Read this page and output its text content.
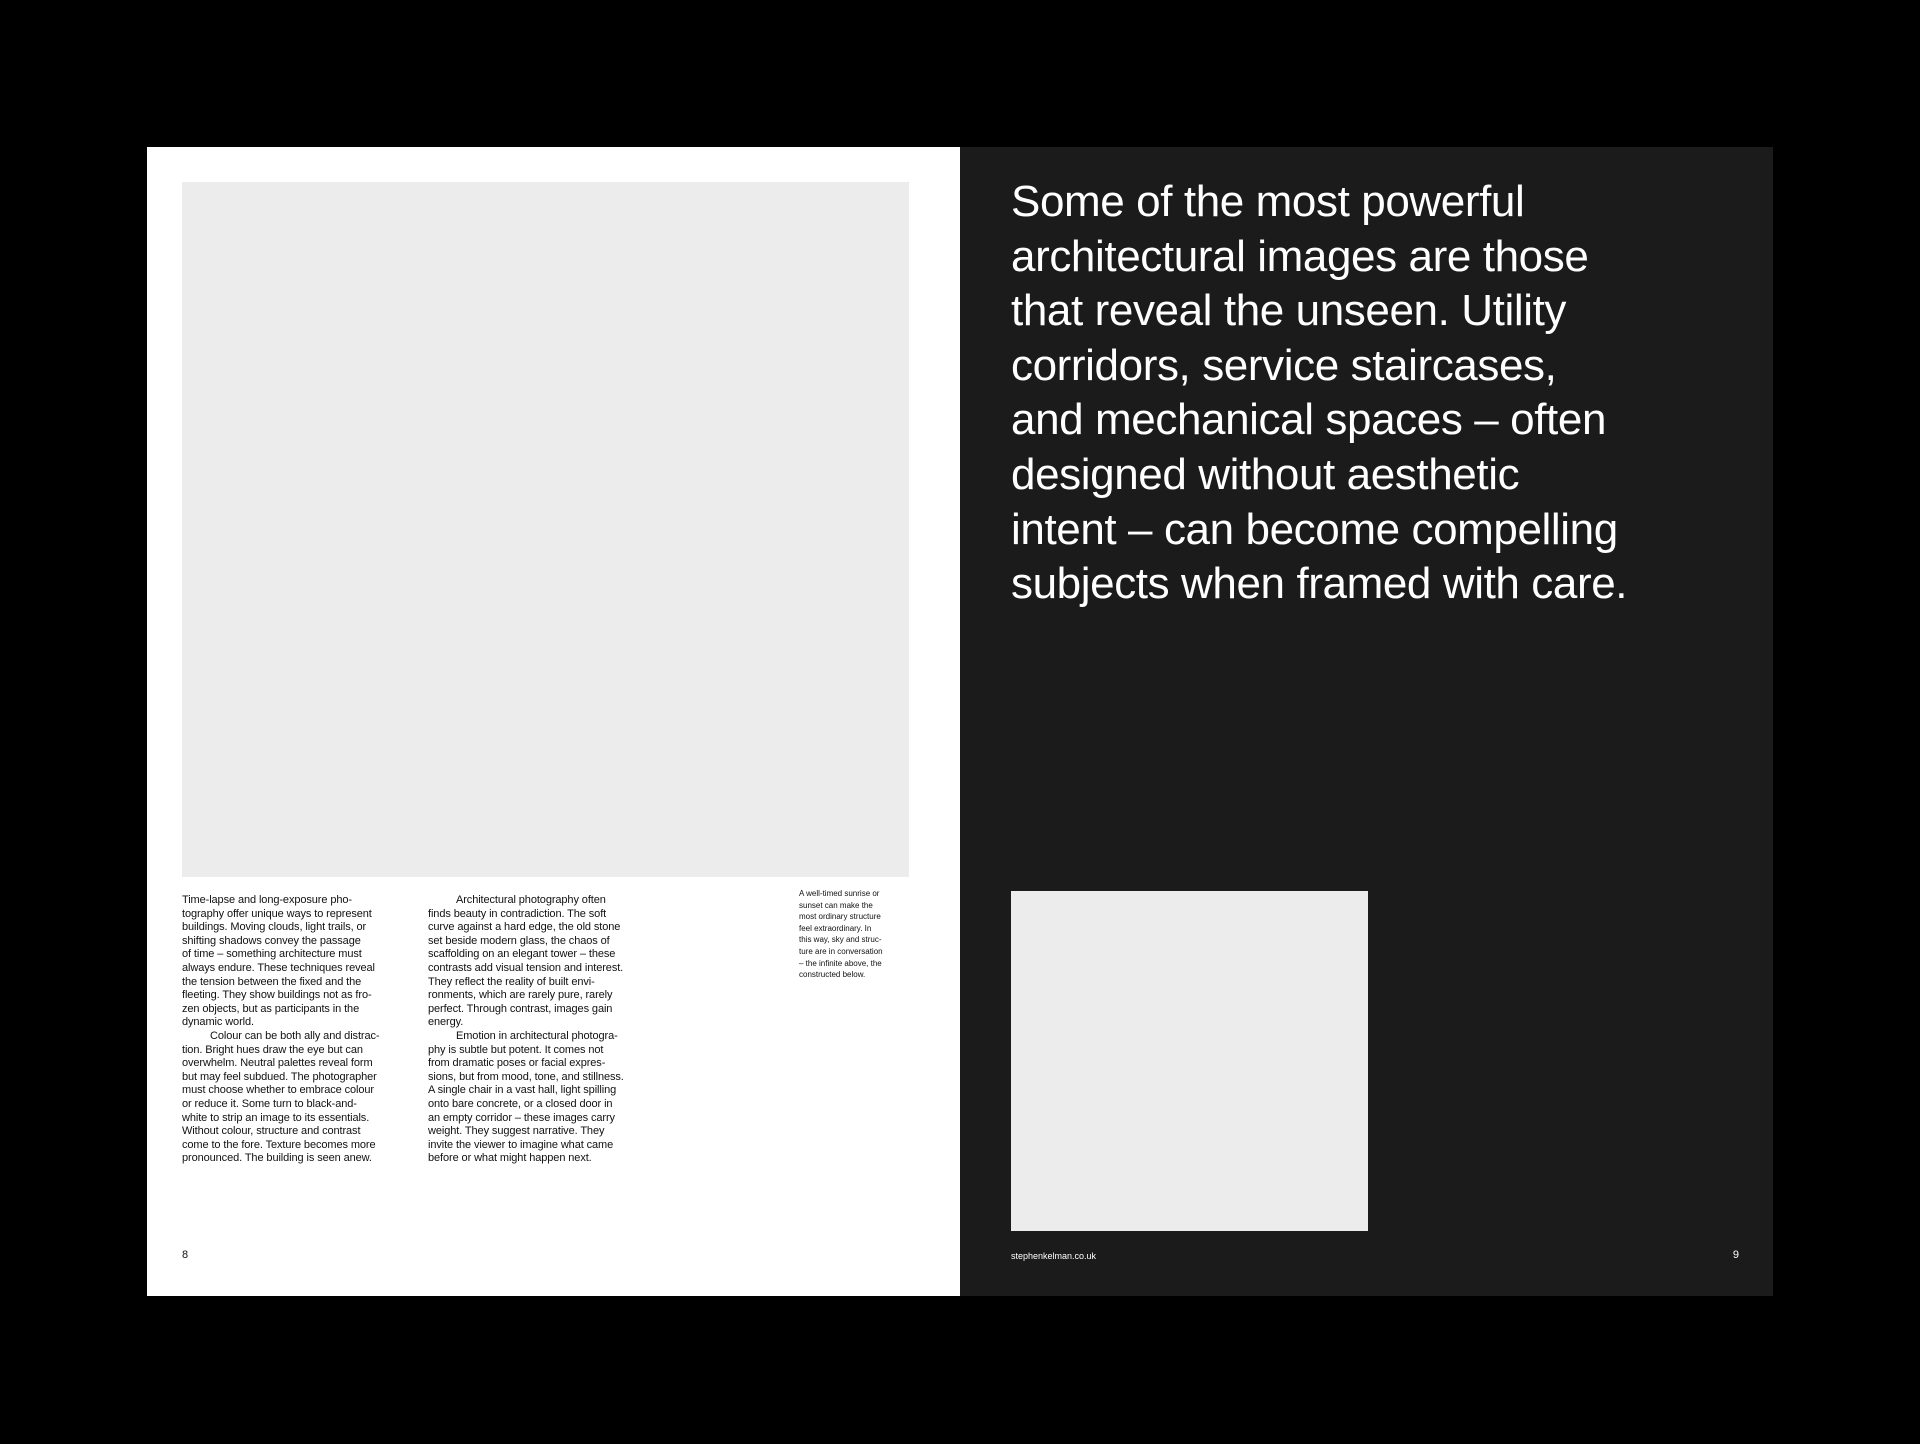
Time-lapse and long-exposure pho-
tography offer unique ways to represent
buildings. Moving clouds, light trails, or
shifting shadows convey the passage
of time – something architecture must
always endure. These techniques reveal
the tension between the fixed and the
fleeting. They show buildings not as fro-
zen objects, but as participants in the
dynamic world.
Colour can be both ally and distrac-
tion. Bright hues draw the eye but can
overwhelm. Neutral palettes reveal form
but may feel subdued. The photographer
must choose whether to embrace colour
or reduce it. Some turn to black-and-
white to strip an image to its essentials.
Without colour, structure and contrast
come to the fore. Texture becomes more
pronounced. The building is seen anew.
Architectural photography often
finds beauty in contradiction. The soft
curve against a hard edge, the old stone
set beside modern glass, the chaos of
scaffolding on an elegant tower – these
contrasts add visual tension and interest.
They reflect the reality of built envi-
ronments, which are rarely pure, rarely
perfect. Through contrast, images gain
energy.
Emotion in architectural photogra-
phy is subtle but potent. It comes not
from dramatic poses or facial expres-
sions, but from mood, tone, and stillness.
A single chair in a vast hall, light spilling
onto bare concrete, or a closed door in
an empty corridor – these images carry
weight. They suggest narrative. They
invite the viewer to imagine what came
before or what might happen next.
A well-timed sunrise or
sunset can make the
most ordinary structure
feel extraordinary. In
this way, sky and struc-
ture are in conversation
– the infinite above, the
constructed below.
8
Some of the most powerful
architectural images are those
that reveal the unseen. Utility
corridors, service staircases,
and mechanical spaces – often
designed without aesthetic
intent – can become compelling
subjects when framed with care.
stephenkelman.co.uk	9
